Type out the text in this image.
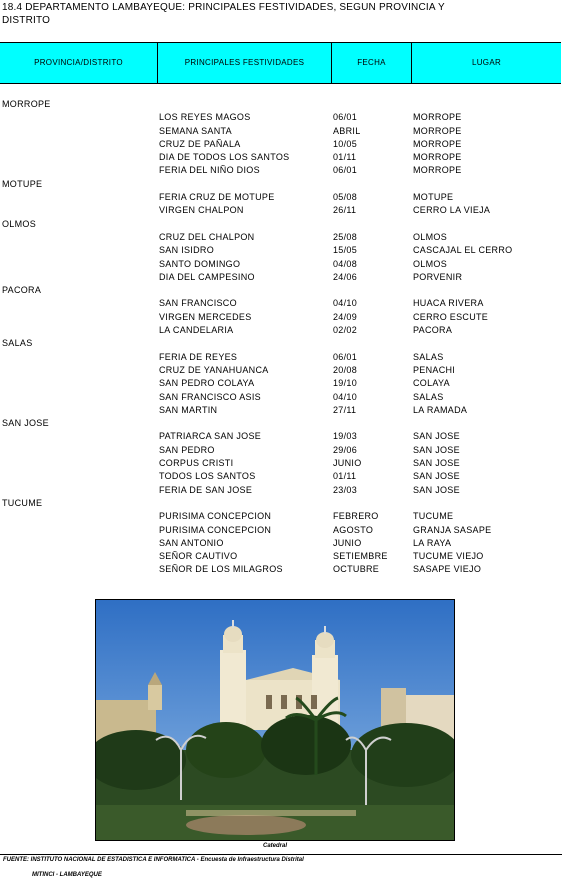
18.4 DEPARTAMENTO LAMBAYEQUE: PRINCIPALES FESTIVIDADES, SEGUN PROVINCIA Y DISTRITO
PROVINCIA/DISTRITO	PRINCIPALES FESTIVIDADES	FECHA	LUGAR
MORROPE
LOS REYES MAGOS	06/01	MORROPE
SEMANA SANTA	ABRIL	MORROPE
CRUZ DE PAÑALA	10/05	MORROPE
DIA DE TODOS LOS SANTOS	01/11	MORROPE
FERIA DEL NIÑO DIOS	06/01	MORROPE
MOTUPE
FERIA CRUZ DE MOTUPE	05/08	MOTUPE
VIRGEN CHALPON	26/11	CERRO LA VIEJA
OLMOS
CRUZ DEL CHALPON	25/08	OLMOS
SAN ISIDRO	15/05	CASCAJAL EL CERRO
SANTO DOMINGO	04/08	OLMOS
DIA DEL CAMPESINO	24/06	PORVENIR
PACORA
SAN FRANCISCO	04/10	HUACA RIVERA
VIRGEN MERCEDES	24/09	CERRO ESCUTE
LA CANDELARIA	02/02	PACORA
SALAS
FERIA DE REYES	06/01	SALAS
CRUZ DE YANAHUANCA	20/08	PENACHI
SAN PEDRO COLAYA	19/10	COLAYA
SAN FRANCISCO ASIS	04/10	SALAS
SAN MARTIN	27/11	LA RAMADA
SAN JOSE
PATRIARCA SAN JOSE	19/03	SAN JOSE
SAN PEDRO	29/06	SAN JOSE
CORPUS CRISTI	JUNIO	SAN JOSE
TODOS LOS SANTOS	01/11	SAN JOSE
FERIA DE SAN JOSE	23/03	SAN JOSE
TUCUME
PURISIMA CONCEPCION	FEBRERO	TUCUME
PURISIMA CONCEPCION	AGOSTO	GRANJA SASAPE
SAN ANTONIO	JUNIO	LA RAYA
SEÑOR CAUTIVO	SETIEMBRE	TUCUME VIEJO
SEÑOR DE LOS MILAGROS	OCTUBRE	SASAPE VIEJO
Catedral
FUENTE: INSTITUTO NACIONAL DE ESTADISTICA E INFORMATICA - Encuesta de Infraestructura Distrital
MITINCI - LAMBAYEQUE
